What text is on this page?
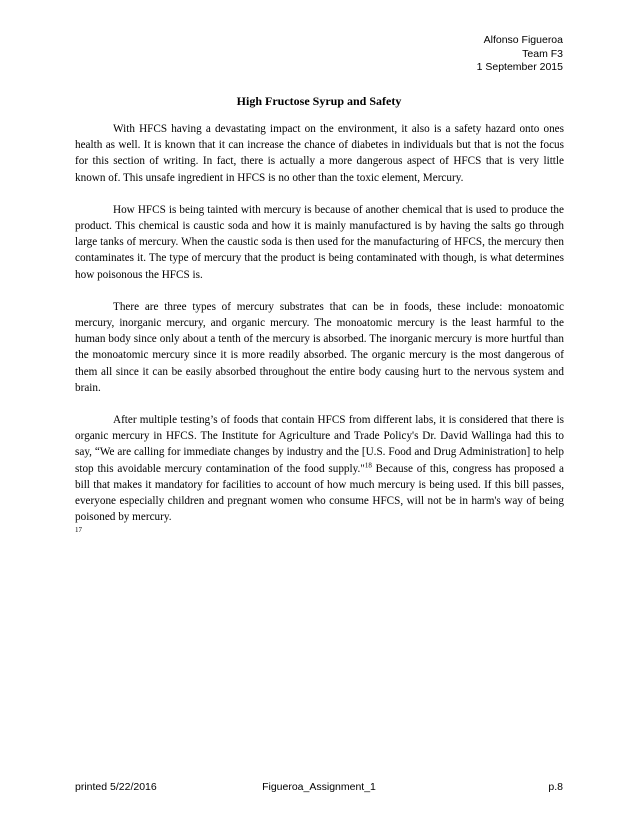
Alfonso Figueroa
Team F3
1 September 2015
High Fructose Syrup and Safety

With HFCS having a devastating impact on the environment, it also is a safety hazard onto ones health as well. It is known that it can increase the chance of diabetes in individuals but that is not the focus for this section of writing. In fact, there is actually a more dangerous aspect of HFCS that is very little known of. This unsafe ingredient in HFCS is no other than the toxic element, Mercury.

How HFCS is being tainted with mercury is because of another chemical that is used to produce the product. This chemical is caustic soda and how it is mainly manufactured is by having the salts go through large tanks of mercury. When the caustic soda is then used for the manufacturing of HFCS, the mercury then contaminates it. The type of mercury that the product is being contaminated with though, is what determines how poisonous the HFCS is.

There are three types of mercury substrates that can be in foods, these include: monoatomic mercury, inorganic mercury, and organic mercury. The monoatomic mercury is the least harmful to the human body since only about a tenth of the mercury is absorbed. The inorganic mercury is more hurtful than the monoatomic mercury since it is more readily absorbed. The organic mercury is the most dangerous of them all since it can be easily absorbed throughout the entire body causing hurt to the nervous system and brain.

After multiple testing’s of foods that contain HFCS from different labs, it is considered that there is organic mercury in HFCS. The Institute for Agriculture and Trade Policy's Dr. David Wallinga had this to say, “We are calling for immediate changes by industry and the [U.S. Food and Drug Administration] to help stop this avoidable mercury contamination of the food supply."$^{18}$ Because of this, congress has proposed a bill that makes it mandatory for facilities to account of how much mercury is being used. If this bill passes, everyone especially children and pregnant women who consume HFCS, will not be in harm's way of being poisoned by mercury.

17
printed 5/22/2016	Figueroa_Assignment_1	p.8
